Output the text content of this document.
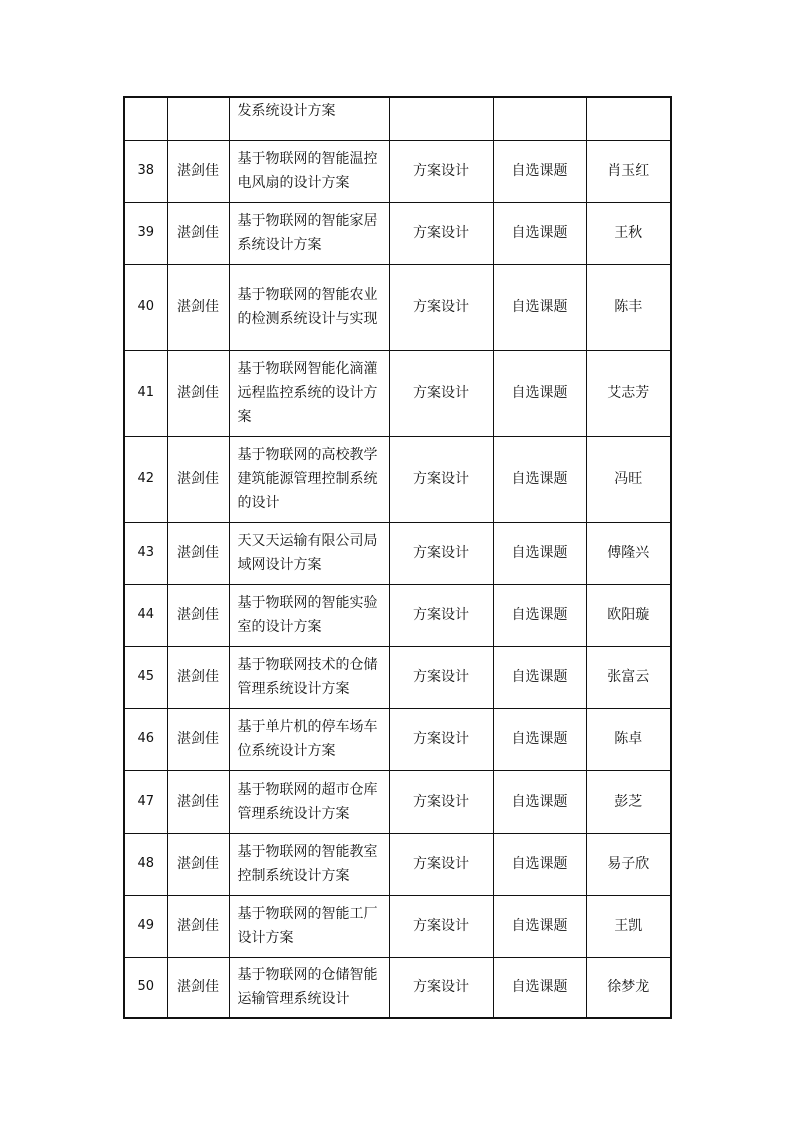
		发系统设计方案			
38	湛剑佳	基于物联网的智能温控电风扇的设计方案	方案设计	自选课题	肖玉红
39	湛剑佳	基于物联网的智能家居系统设计方案	方案设计	自选课题	王秋
40	湛剑佳	基于物联网的智能农业的检测系统设计与实现	方案设计	自选课题	陈丰
41	湛剑佳	基于物联网智能化滴灌远程监控系统的设计方案	方案设计	自选课题	艾志芳
42	湛剑佳	基于物联网的高校教学建筑能源管理控制系统的设计	方案设计	自选课题	冯旺
43	湛剑佳	天又天运输有限公司局域网设计方案	方案设计	自选课题	傅隆兴
44	湛剑佳	基于物联网的智能实验室的设计方案	方案设计	自选课题	欧阳璇
45	湛剑佳	基于物联网技术的仓储管理系统设计方案	方案设计	自选课题	张富云
46	湛剑佳	基于单片机的停车场车位系统设计方案	方案设计	自选课题	陈卓
47	湛剑佳	基于物联网的超市仓库管理系统设计方案	方案设计	自选课题	彭芝
48	湛剑佳	基于物联网的智能教室控制系统设计方案	方案设计	自选课题	易子欣
49	湛剑佳	基于物联网的智能工厂设计方案	方案设计	自选课题	王凯
50	湛剑佳	基于物联网的仓储智能运输管理系统设计	方案设计	自选课题	徐梦龙
